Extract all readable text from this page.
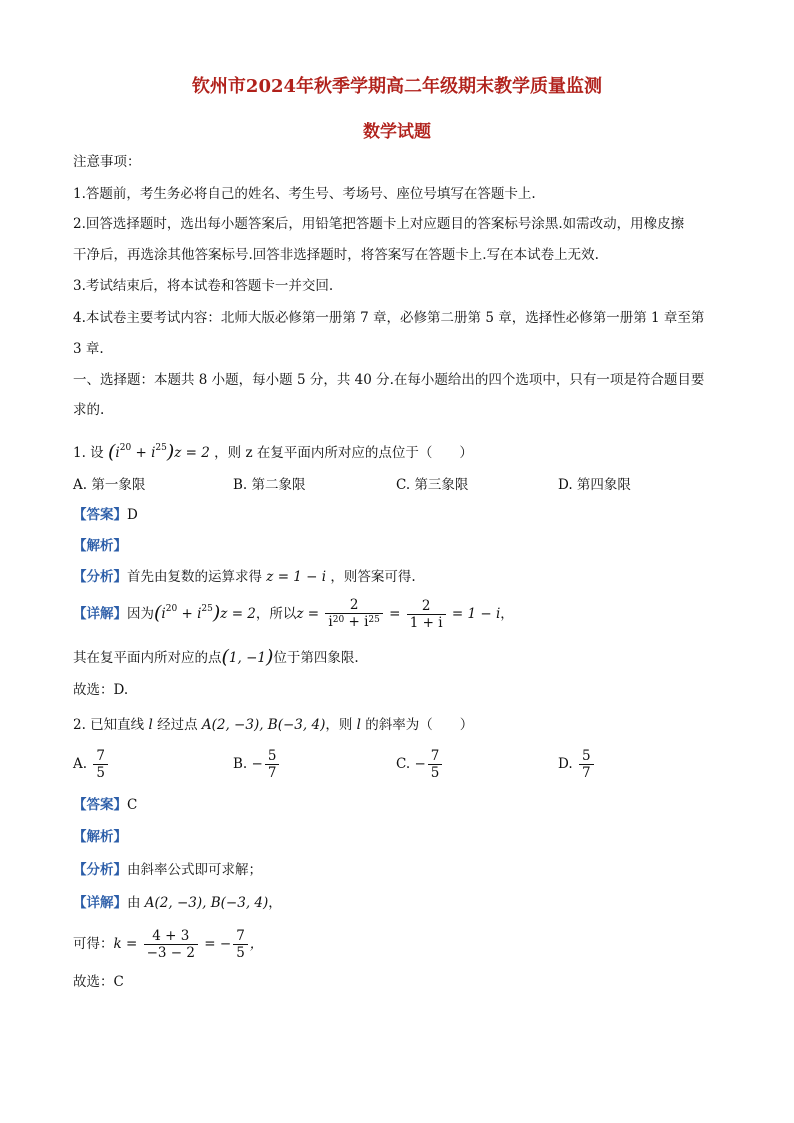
钦州市2024年秋季学期高二年级期末教学质量监测
数学试题
注意事项：
1.答题前，考生务必将自己的姓名、考生号、考场号、座位号填写在答题卡上.
2.回答选择题时，选出每小题答案后，用铅笔把答题卡上对应题目的答案标号涂黑.如需改动，用橡皮擦
干净后，再选涂其他答案标号.回答非选择题时，将答案写在答题卡上.写在本试卷上无效.
3.考试结束后，将本试卷和答题卡一并交回.
4.本试卷主要考试内容：北师大版必修第一册第 7 章，必修第二册第 5 章，选择性必修第一册第 1 章至第
3 章.
一、选择题：本题共 8 小题，每小题 5 分，共 40 分.在每小题给出的四个选项中，只有一项是符合题目要
求的.
1. 设 $(i^{20} + i^{25})z = 2$ ，则 z 在复平面内所对应的点位于（　　）
A. 第一象限	B. 第二象限	C. 第三象限	D. 第四象限
【答案】D
【解析】
【分析】首先由复数的运算求得 z = 1 − i ，则答案可得.
【详解】因为$(i^{20} + i^{25})z = 2$，所以$z = \frac{2}{i^{20} + i^{25}} = \frac{2}{1 + i} = 1 - i$，
其在复平面内所对应的点(1, −1)位于第四象限.
故选：D.
2. 已知直线 l 经过点 A(2, −3), B(−3, 4)，则 l 的斜率为（　　）
A. $\frac{7}{5}$	B. − $\frac{5}{7}$	C. − $\frac{7}{5}$	D. $\frac{5}{7}$
【答案】C
【解析】
【分析】由斜率公式即可求解；
【详解】由 A(2, −3), B(−3, 4)，
可得：$k = \frac{4 + 3}{-3 - 2}$ = − $\frac{7}{5}$ ，
故选：C
